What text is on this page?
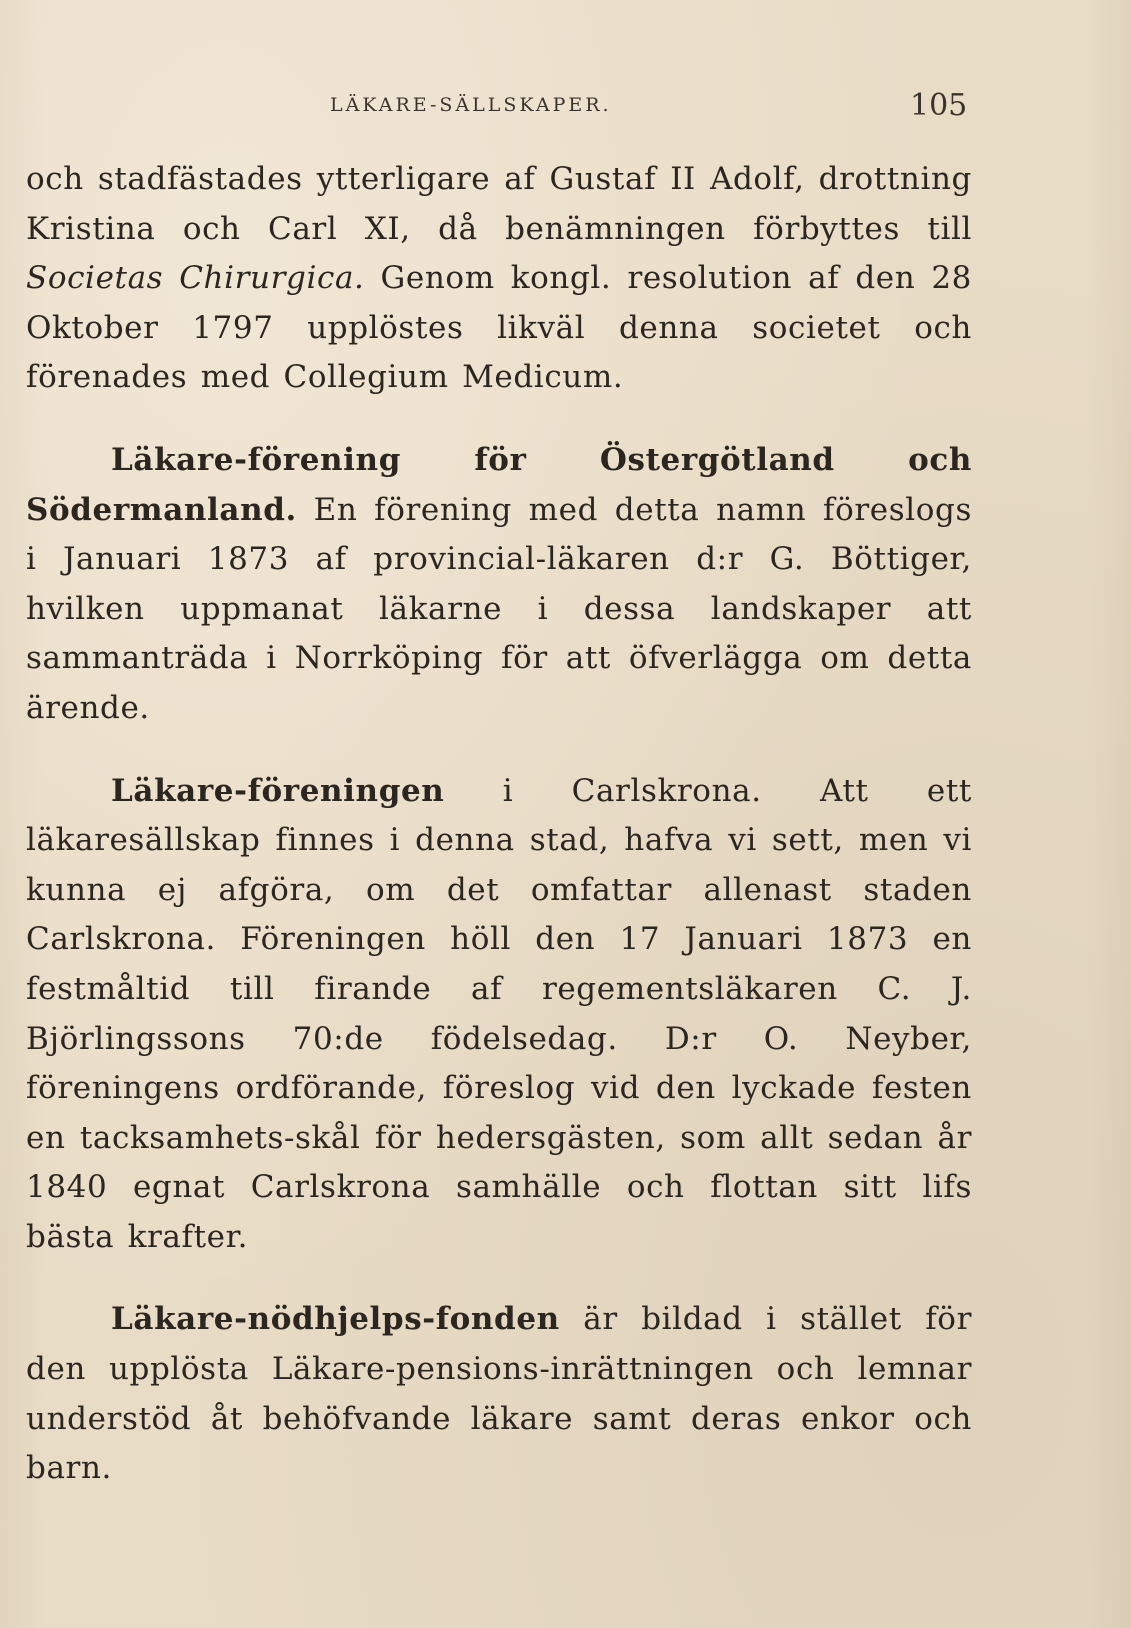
LÄKARE-SÄLLSKAPER.	105

och stadfästades ytterligare af Gustaf II Adolf, drottning Kristina och Carl XI, då benämningen förbyttes till Societas Chirurgica. Genom kongl. resolution af den 28 Oktober 1797 upplöstes likväl denna societet och förenades med Collegium Medicum.

Läkare-förening för Östergötland och Södermanland. En förening med detta namn föreslogs i Januari 1873 af provincial-läkaren d:r G. Böttiger, hvilken uppmanat läkarne i dessa landskaper att sammanträda i Norrköping för att öfverlägga om detta ärende.

Läkare-föreningen i Carlskrona. Att ett läkaresällskap finnes i denna stad, hafva vi sett, men vi kunna ej afgöra, om det omfattar allenast staden Carlskrona. Föreningen höll den 17 Januari 1873 en festmåltid till firande af regementsläkaren C. J. Björlingssons 70:de födelsedag. D:r O. Neyber, föreningens ordförande, föreslog vid den lyckade festen en tacksamhets-skål för hedersgästen, som allt sedan år 1840 egnat Carlskrona samhälle och flottan sitt lifs bästa krafter.

Läkare-nödhjelps-fonden är bildad i stället för den upplösta Läkare-pensions-inrättningen och lemnar understöd åt behöfvande läkare samt deras enkor och barn.
